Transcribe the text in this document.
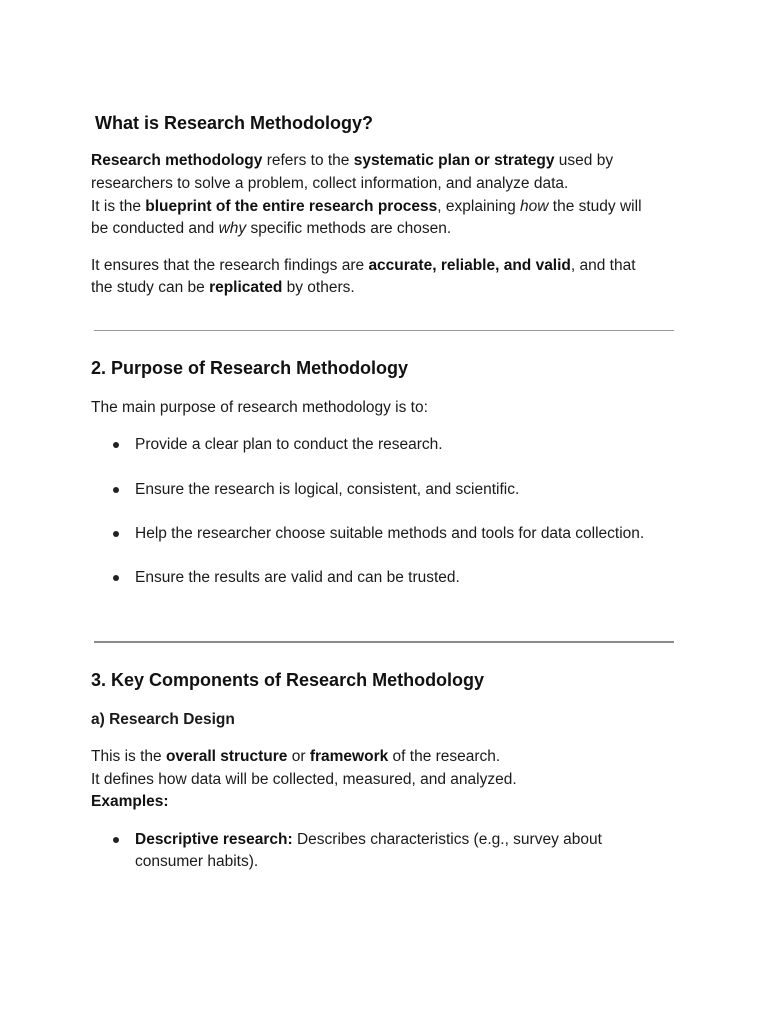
What is Research Methodology?
Research methodology refers to the systematic plan or strategy used by
researchers to solve a problem, collect information, and analyze data.
It is the blueprint of the entire research process, explaining how the study will
be conducted and why specific methods are chosen.
It ensures that the research findings are accurate, reliable, and valid, and that
the study can be replicated by others.
2. Purpose of Research Methodology
The main purpose of research methodology is to:
Provide a clear plan to conduct the research.
Ensure the research is logical, consistent, and scientific.
Help the researcher choose suitable methods and tools for data collection.
Ensure the results are valid and can be trusted.
3. Key Components of Research Methodology
a) Research Design
This is the overall structure or framework of the research.
It defines how data will be collected, measured, and analyzed.
Examples:
Descriptive research: Describes characteristics (e.g., survey about
consumer habits).
